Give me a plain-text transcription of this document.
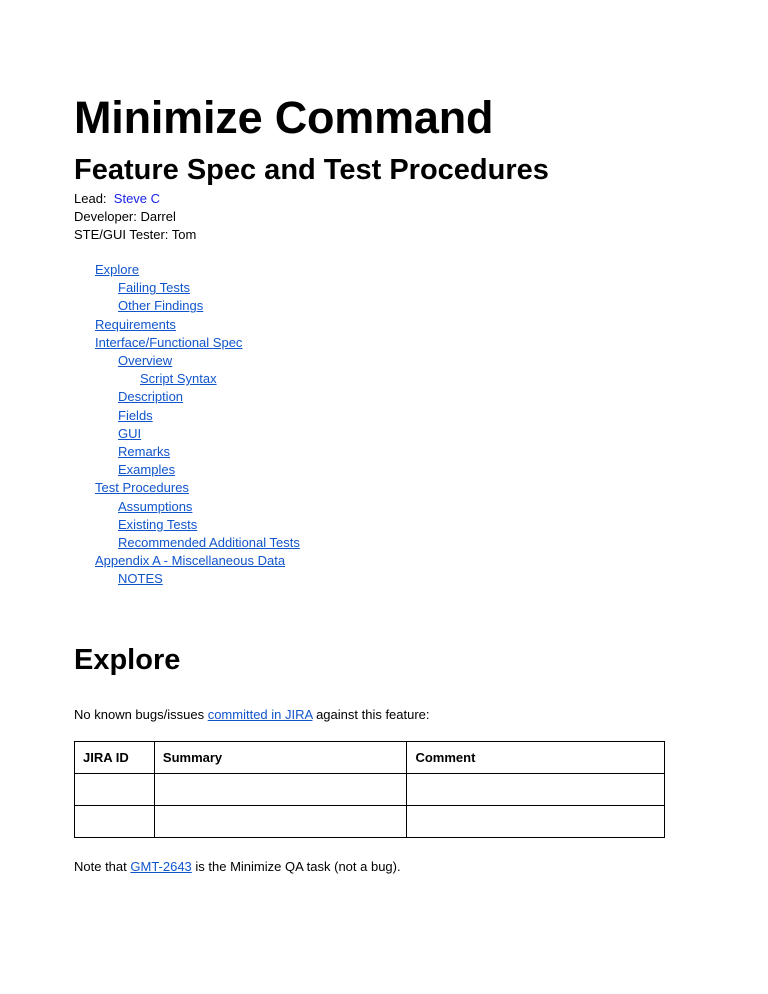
Minimize Command
Feature Spec and Test Procedures
Lead: Steve C
Developer: Darrel
STE/GUI Tester: Tom
Explore
Failing Tests
Other Findings
Requirements
Interface/Functional Spec
Overview
Script Syntax
Description
Fields
GUI
Remarks
Examples
Test Procedures
Assumptions
Existing Tests
Recommended Additional Tests
Appendix A - Miscellaneous Data
NOTES
Explore
No known bugs/issues committed in JIRA against this feature:
JIRA ID	Summary	Comment

Note that GMT-2643 is the Minimize QA task (not a bug).
